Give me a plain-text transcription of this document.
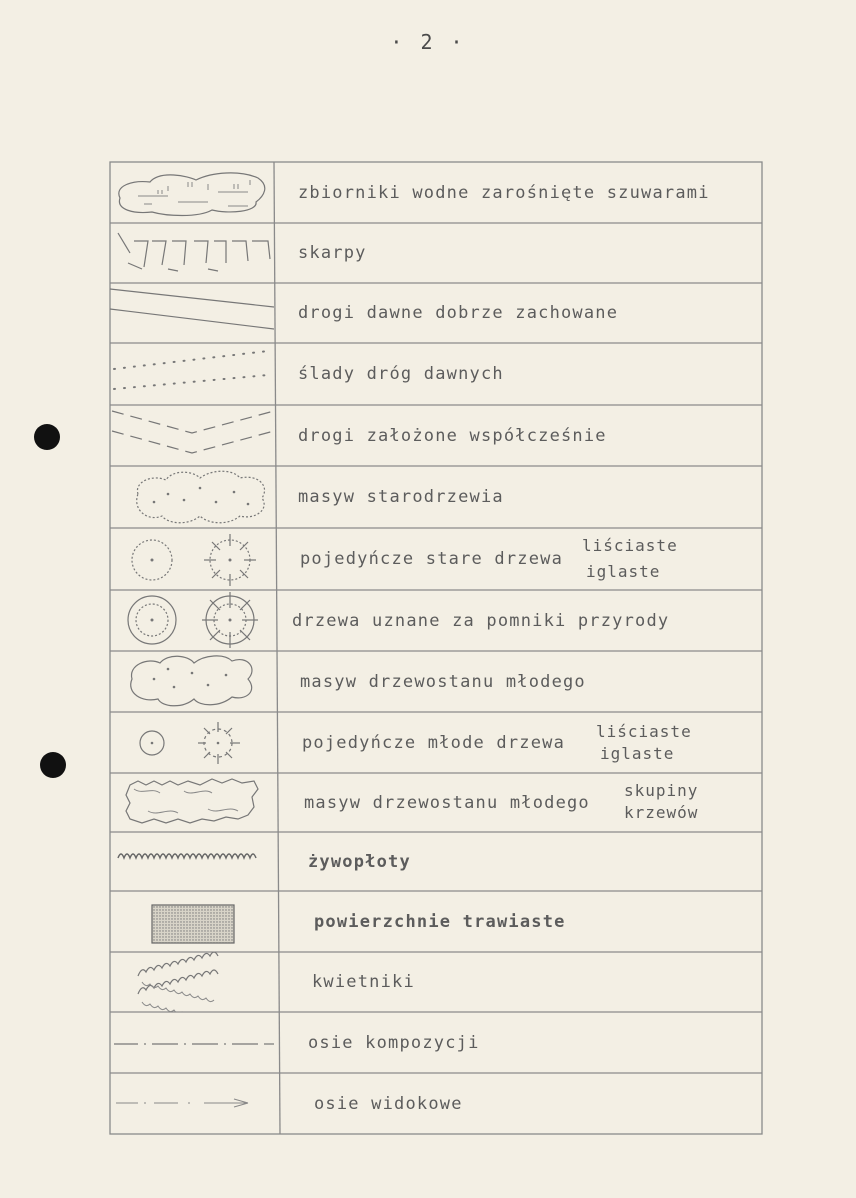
· 2 ·
zbiorniki wodne zarośnięte szuwarami
skarpy
drogi dawne dobrze zachowane
ślady dróg dawnych
drogi założone współcześnie
masyw starodrzewia
pojedyńcze stare drzewa
liściaste
iglaste
drzewa uznane za pomniki przyrody
masyw drzewostanu młodego
pojedyńcze młode drzewa
liściaste
iglaste
masyw drzewostanu młodego
skupiny
krzewów
żywopłoty
powierzchnie trawiaste
kwietniki
osie kompozycji
osie widokowe
